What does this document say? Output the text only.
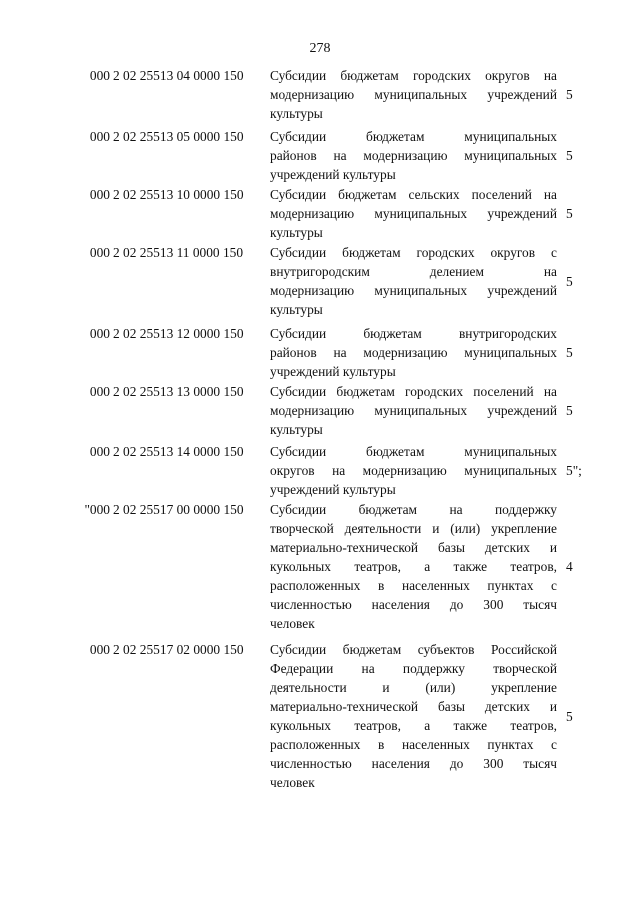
278
000 2 02 25513 04 0000 150 Субсидии бюджетам городских округов на
модернизацию муниципальных учреждений
культуры
5
000 2 02 25513 05 0000 150 Субсидии бюджетам муниципальных
районов на модернизацию муниципальных
учреждений культуры
5
000 2 02 25513 10 0000 150 Субсидии бюджетам сельских поселений на
модернизацию муниципальных учреждений
культуры
5
000 2 02 25513 11 0000 150 Субсидии бюджетам городских округов с
внутригородским делением на
модернизацию муниципальных учреждений
культуры
5
000 2 02 25513 12 0000 150 Субсидии бюджетам внутригородских
районов на модернизацию муниципальных
учреждений культуры
5
000 2 02 25513 13 0000 150 Субсидии бюджетам городских поселений на
модернизацию муниципальных учреждений
культуры
5
000 2 02 25513 14 0000 150 Субсидии бюджетам муниципальных
округов на модернизацию муниципальных
учреждений культуры
5";
"000 2 02 25517 00 0000 150 Субсидии бюджетам на поддержку
творческой деятельности и (или) укрепление
материально-технической базы детских и
кукольных театров, а также театров,
расположенных в населенных пунктах с
численностью населения до 300 тысяч
человек
4
000 2 02 25517 02 0000 150 Субсидии бюджетам субъектов Российской
Федерации на поддержку творческой
деятельности и (или) укрепление
материально-технической базы детских и
кукольных театров, а также театров,
расположенных в населенных пунктах с
численностью населения до 300 тысяч
человек
5
